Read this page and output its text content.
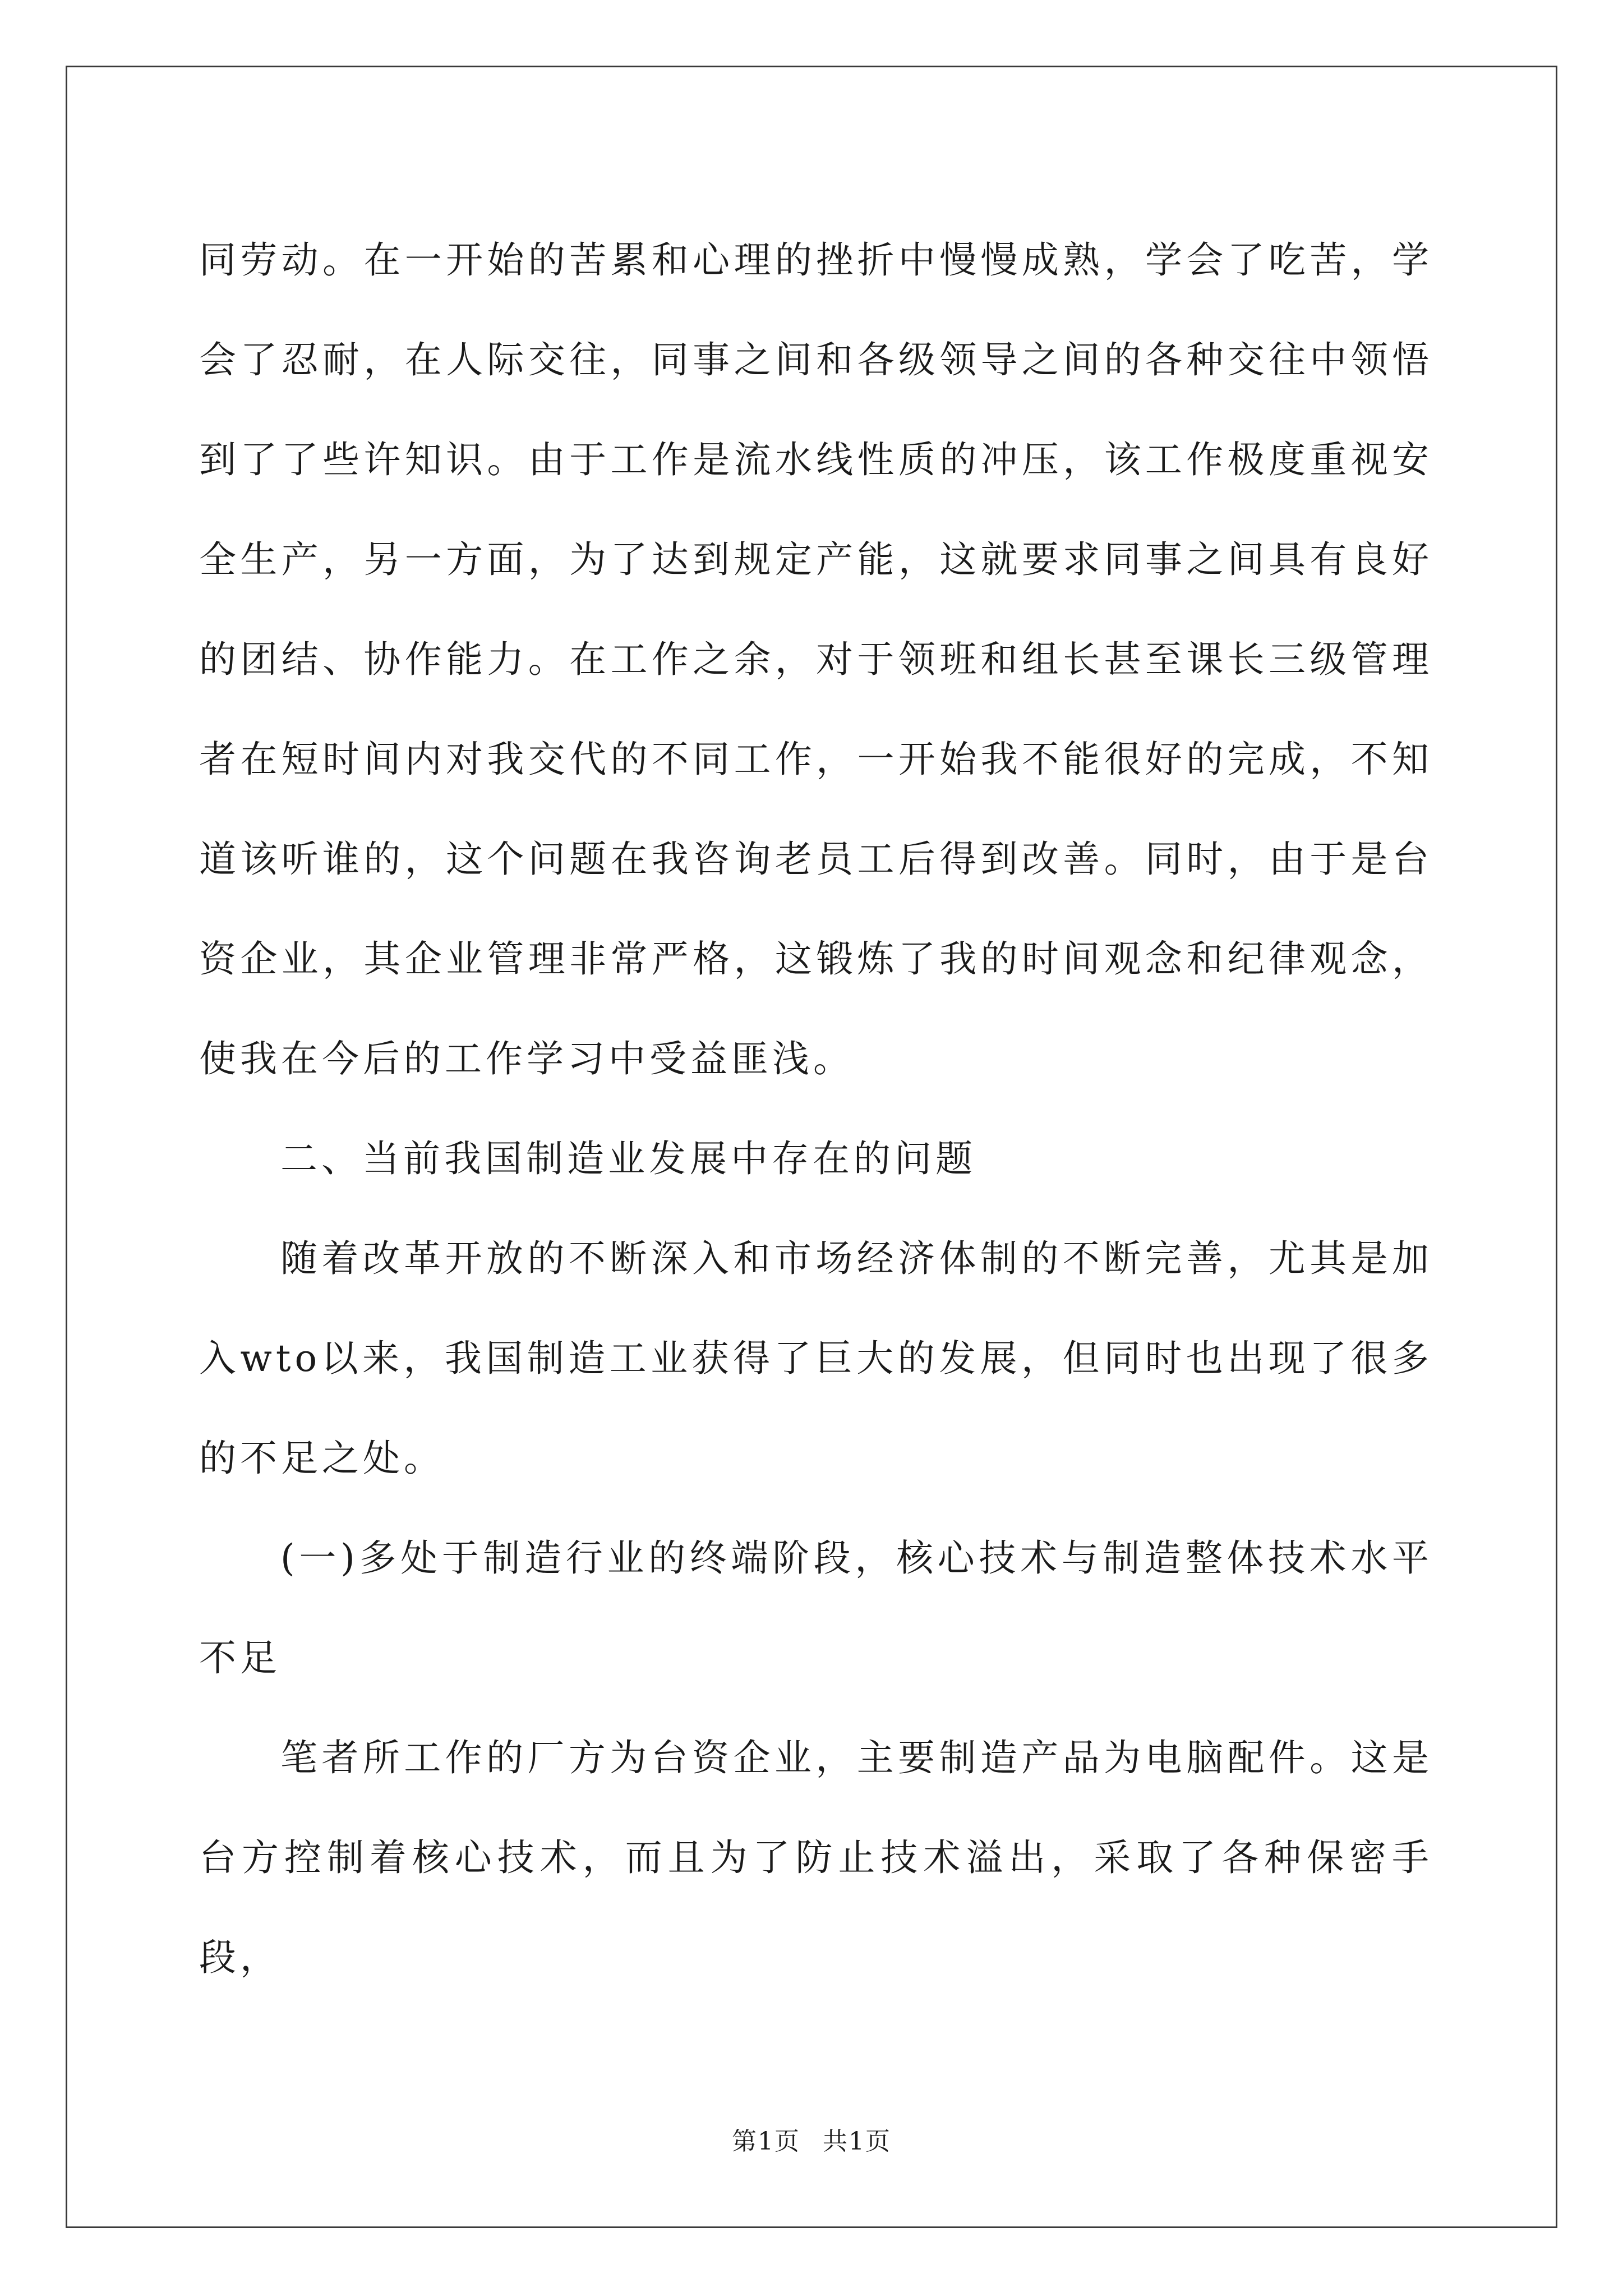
同劳动。在一开始的苦累和心理的挫折中慢慢成熟，学会了吃苦，学会了忍耐，在人际交往，同事之间和各级领导之间的各种交往中领悟到了了些许知识。由于工作是流水线性质的冲压，该工作极度重视安全生产，另一方面，为了达到规定产能，这就要求同事之间具有良好的团结、协作能力。在工作之余，对于领班和组长甚至课长三级管理者在短时间内对我交代的不同工作，一开始我不能很好的完成，不知道该听谁的，这个问题在我咨询老员工后得到改善。同时，由于是台资企业，其企业管理非常严格，这锻炼了我的时间观念和纪律观念，使我在今后的工作学习中受益匪浅。

二、当前我国制造业发展中存在的问题

随着改革开放的不断深入和市场经济体制的不断完善，尤其是加入wto以来，我国制造工业获得了巨大的发展，但同时也出现了很多的不足之处。

(一)多处于制造行业的终端阶段，核心技术与制造整体技术水平不足

笔者所工作的厂方为台资企业，主要制造产品为电脑配件。这是台方控制着核心技术，而且为了防止技术溢出，采取了各种保密手段，

第1页 共1页
